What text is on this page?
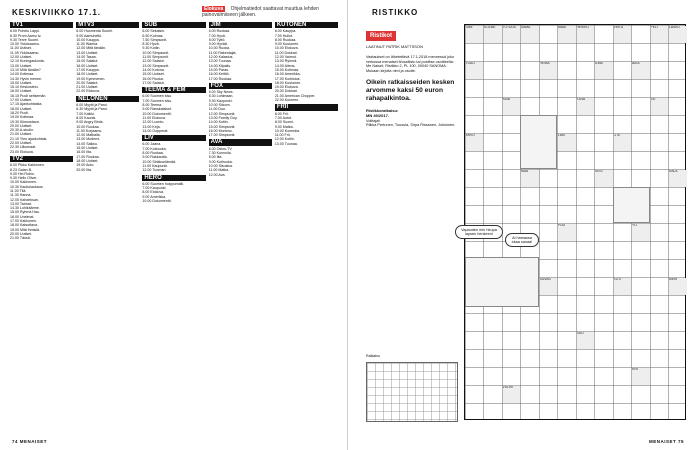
KESKIVIIKKO 17.1.	Elokuva Ohjelmatiedot saattavat muuttua lehden painovalmiiseen jälkeen.
TV1
6.00 Puhelu Lappi.
6.30 Prom Aamu tv.
9.30 Terve Suomi.
10.00 Ykkösaamu.
11.00 Uutiset.
11.05 Ykkösaamu.
12.00 Uutiset.
12.10 Kuningaskunta.
13.00 Uutiset.
13.10 Mitä tänään?
14.00 Kotimaa.
14.30 Hyvin menee.
15.00 Uutiset.
15.10 Keskustelu.
16.00 Uutiset.
16.15 Puoli seitsemän.
17.00 Uutiset.
17.15 Ajankohtaista.
18.00 Uutiset.
18.20 Puoli.
19.00 Kotimaa.
19.30 Kiinnostava.
20.00 Uutiset.
20.30 A-studio.
21.00 Uutiset.
21.10 Ylen ajankohtais.
22.00 Uutiset.
22.30 Ulkomaat.
23.00 Elokuva.
TV2
6.00 Pikku Kakkonen.
8.23 Galan B.
9.00 Hei Robin.
9.30 Hello Oliver.
10.00 Kakkonen.
10.30 Kaukolaukaus.
11.00 Tiiä.
11.30 Hanna.
12.00 Kahdeksan.
13.00 Tarinat.
14.30 Lohikäärme.
15.00 Ryhmä Hau.
16.00 Unelmat.
17.00 Kakkonen.
18.00 Katsottava.
19.00 Mitä ihmisiä.
20.00 Uutiset.
21.00 Tässä.
MTV3
6.00 Huomenta Suomi.
9.00 Aamuhetki.
10.00 Kauppa.
11.00 Wanha.
12.00 Mitä tänään.
13.00 Uutiset.
14.00 Tasan.
15.00 Salatut.
16.00 Uutiset.
17.00 Kauppa.
18.00 Uutiset.
19.00 Kymmenen.
20.00 Salatut.
21.00 Uutiset.
22.00 Elokuva.
NELONEN
6.00 Myytti ja Paroi.
6.30 Myytti ja Paroi.
7.00 Kaikki.
8.00 Kaunis.
9.00 Angry Birds.
10.00 Ruokaa.
11.00 Korjaamo.
12.00 Matkalla.
13.00 Moderni.
14.00 Salkku.
15.00 Uutiset.
16.00 Ilta.
17.00 Ruokaa.
18.00 Uutiset.
19.00 Auto.
20.00 Ilta.
SUB
6.00 Sekaisin.
6.50 Kolmas.
7.50 Simpsonit.
8.30 Hyvä.
9.30 Kotiin.
10.00 Simpsonit.
11.00 Simpsonit.
12.00 Salatut.
13.00 Simpsonit.
14.00 Kotona.
15.00 Uutiset.
16.00 Ruoka.
17.00 Salatut.
TEEMA & FEM
6.00 Suomen sisu.
7.00 Suomen sisu.
8.00 Teema.
9.00 Ranskalaiset.
10.00 Dokumentti.
11.00 Elokuva.
12.00 Luonto.
13.00 Kirja.
14.00 Oopperat.
LIV
6.00 Jaana.
7.00 Kotiruoka.
8.00 Ruokaa.
9.00 Rakkautta.
10.00 Sinkkuelämää.
11.00 Kaupunki.
12.00 Tuomari.
HERO
6.00 Suomen huippumalli.
7.00 Kaupunki.
8.00 Elokuva.
9.00 Amerikka.
10.00 Dokumentti.
JIM
6.00 Ruokaa.
7.00 Hyvä.
8.00 Tyttö.
9.00 Hyvää.
10.00 Ruoka.
11.00 Rakentajat.
12.00 Kalastus.
13.00 Tuunaa.
14.00 Kilpailu.
15.00 Paras.
16.00 Keittiö.
17.00 Ruokaa.
FOX
6.00 Sky News.
8.30 Lohimaan.
9.30 Kaupunki.
10.00 Sitcom.
11.00 Duo.
12.00 Simpsonit.
13.00 Family Guy.
14.00 Kotiin.
15.00 Simpsonit.
16.00 Mummo.
17.00 Simpsonit.
AVA
6.00 Ostos-TV.
7.30 Kunnolla.
8.00 Ilta.
9.00 Kotiruoka.
10.00 Sisustus.
11.00 Matka.
12.00 Ava.
KUTONEN
6.00 Kauppa.
7.00 Hullut.
8.00 Ruokaa.
9.00 Kuutonen.
10.00 Elokuva.
11.00 Dokkari.
12.00 Vaimot.
13.00 Ryhmä.
14.00 Aliens.
15.00 Kotimaa.
16.00 Amerikka.
17.00 Kurkistus.
18.00 Kuutonen.
19.00 Elokuva.
20.00 Dokkari.
21.00 American Chopper.
22.00 Kutonen.
FRII
6.00 Frii.
7.00 Autot.
8.00 Suomi.
9.00 Matka.
10.00 Komedia.
11.00 Frii.
12.00 Kotiin.
13.00 Tuunaa.
74 MENAISET
RISTIKKO
Ristikot
LAATINUT PATRIK MATTSSON
Vastaukset on lähetettävä 17.1.2018 mennessä joko verkossa menaiset.fi/osallistu tai postitse osoitteella: Me Naiset, Ristikko 2, PL 100, 00040 SANOMA. Mukaan kirjoita nimi ja osoite.
Oikein ratkaisseiden kesken arvomme kaksi 50 euron rahapalkintoa.
Ristikkoratkaisu:
MN 49/2017.
Voittajat:
Riikka Pertunen, Tuusula, Sirpa Rissanen, Jokioinen.
Ratkaisu
Vapauden min hirupa lapsen henkeen!
Ai hamassa ekaa sanaa!
NIMI	KOLME	TOTUUS	SAMA	MAAT	HEIKKO	VIRTA	PELI	LASKU
TUULI	HEINÄ	ILMA	AIKA
ASIA	KUVA	TIE
ARVO	LAKI	OTE
MAA	VESI	KALA
PUU	YÖ
TAIVAS	KOTI	MERI
SUO
KIVI
VUORI
MENAISET 75
